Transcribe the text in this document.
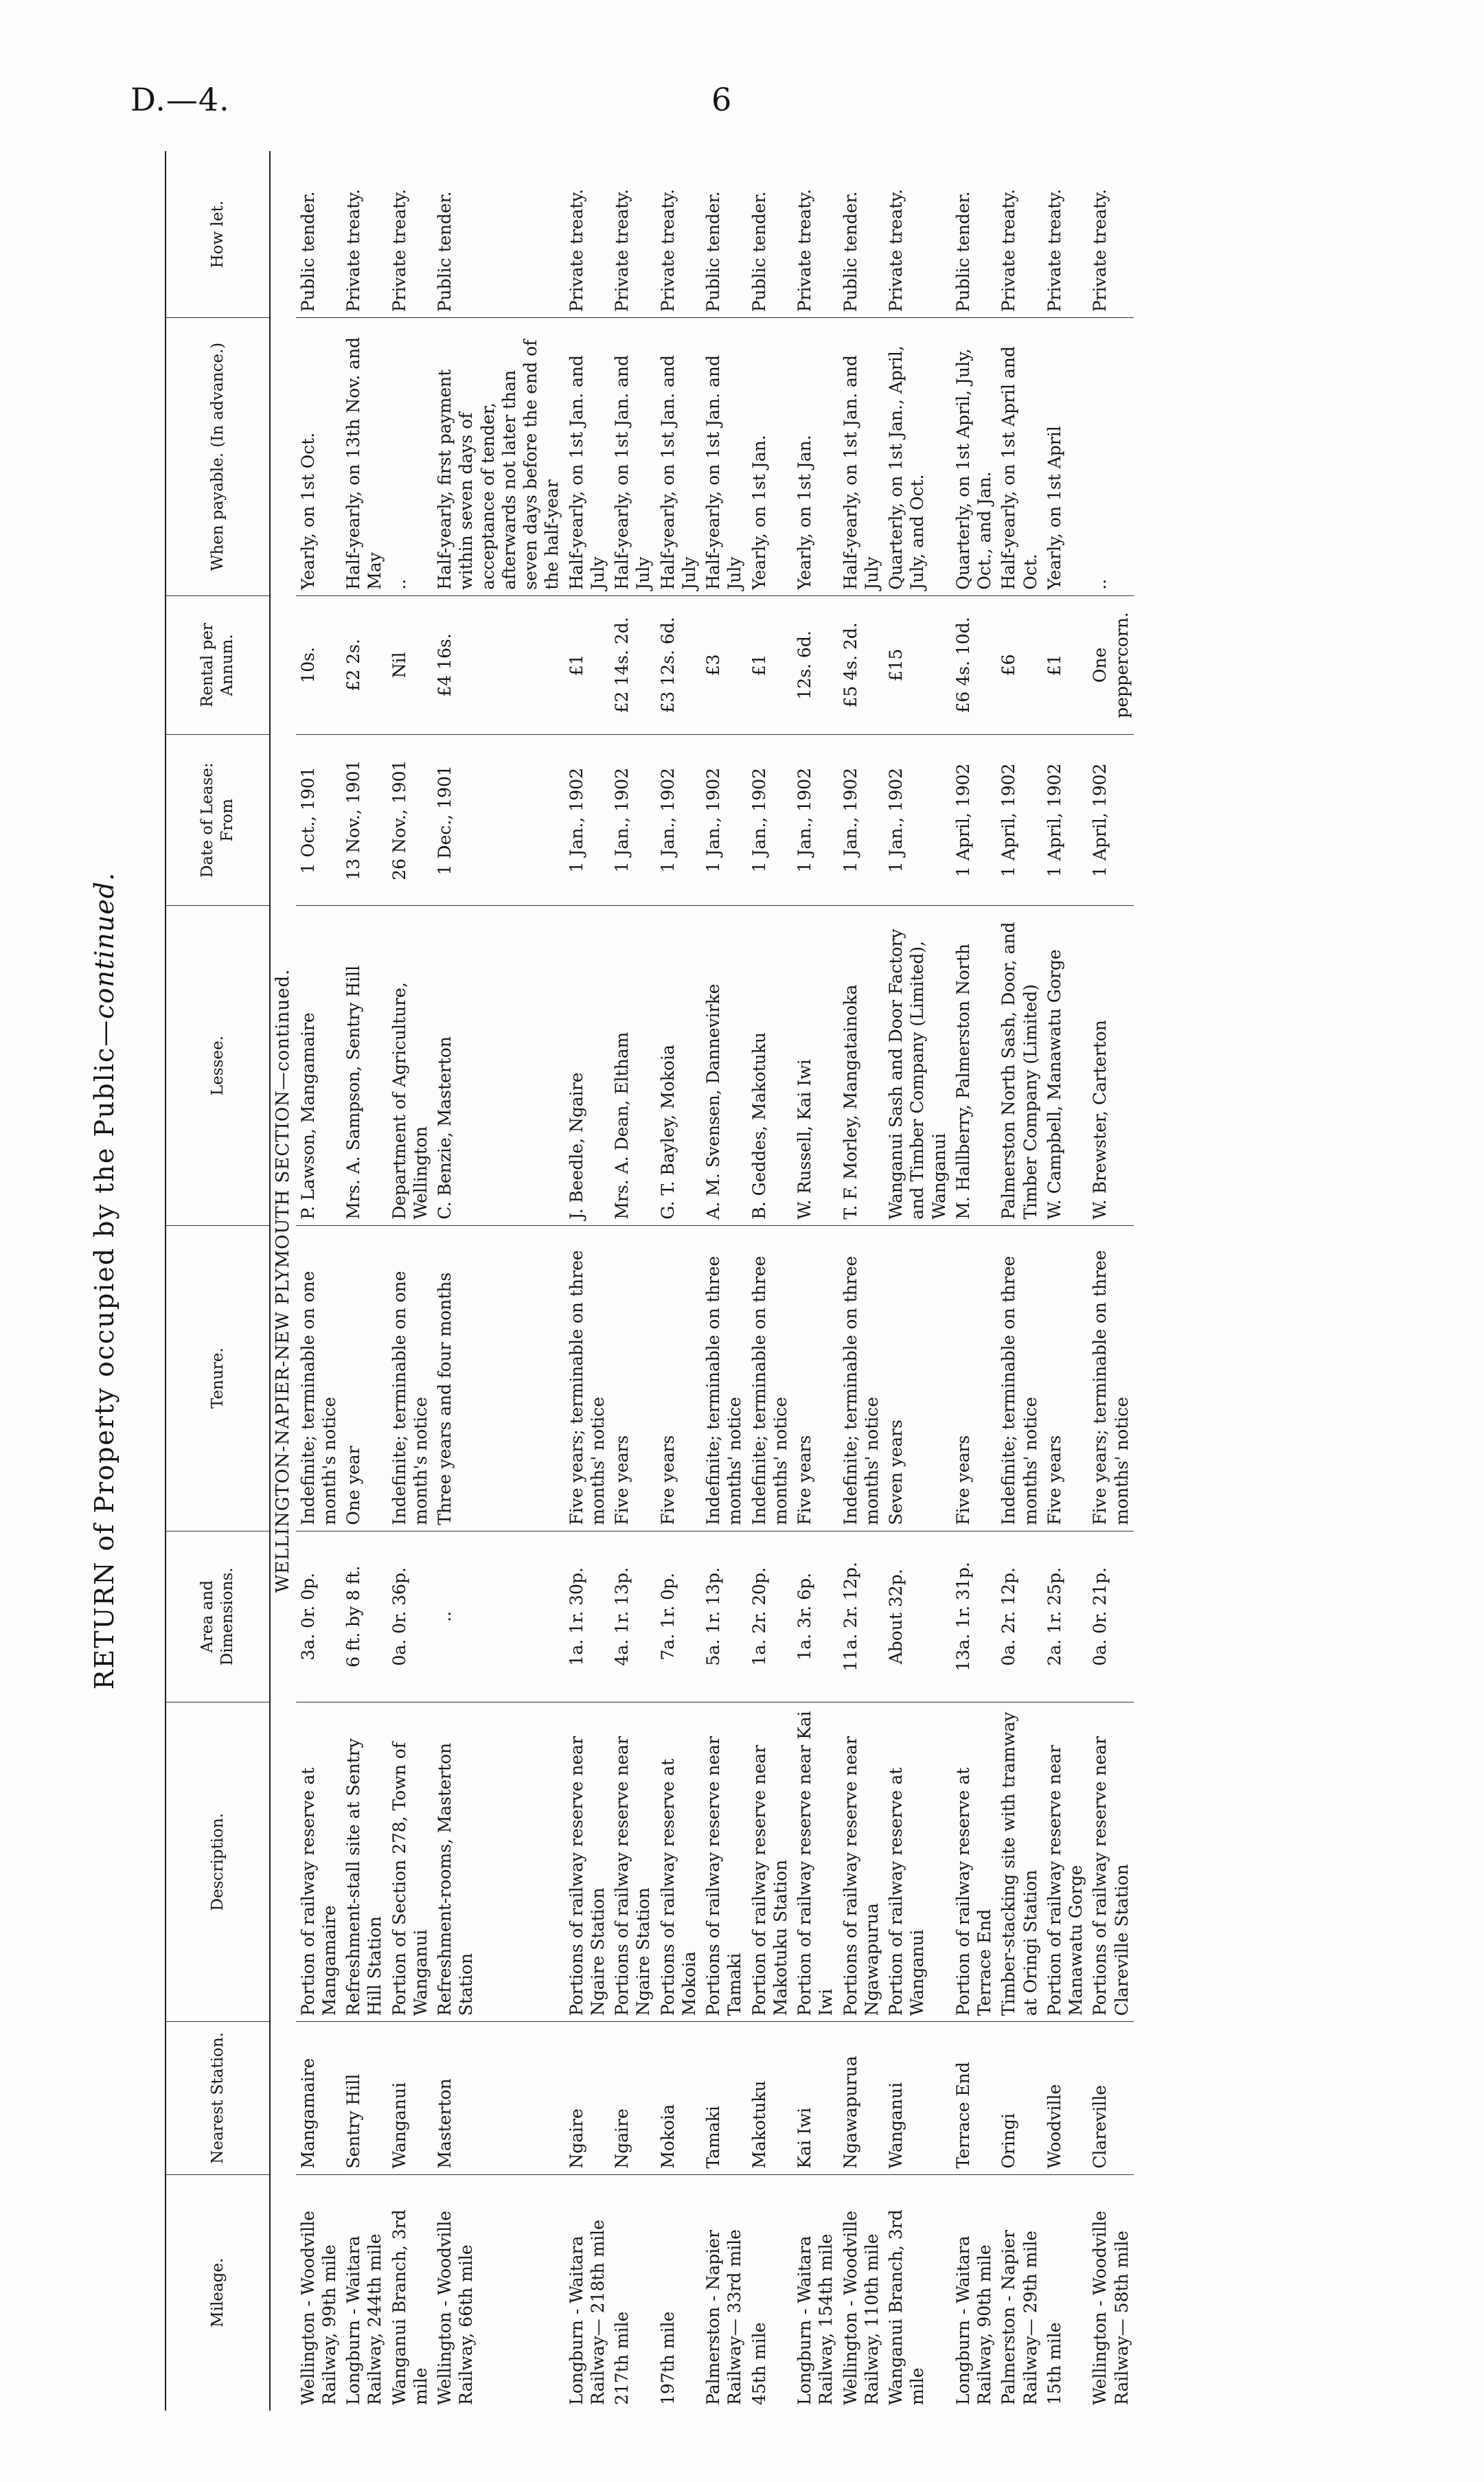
D.—4.	6
RETURN of Property occupied by the Public—continued.
Mileage.	Nearest Station.	Description.	Area and Dimensions.	Tenure.	Lessee.	Date of Lease: From	Rental per Annum.	When payable. (In advance.)	How let.
WELLINGTON-NAPIER-NEW PLYMOUTH SECTION—continued.									
Wellington - Woodville Railway, 99th mile	Mangamaire	Portion of railway reserve at Mangamaire	3a. 0r. 0p.	Indefinite; terminable on one month's notice	P. Lawson, Mangamaire	1 Oct., 1901	10s.	Yearly, on 1st Oct.	Public tender.
Longburn - Waitara Railway, 244th mile	Sentry Hill	Refreshment-stall site at Sentry Hill Station	6 ft. by 8 ft.	One year	Mrs. A. Sampson, Sentry Hill	13 Nov., 1901	£2 2s.	Half-yearly, on 13th Nov. and May	Private treaty.
Wanganui Branch, 3rd mile	Wanganui	Portion of Section 278, Town of Wanganui	0a. 0r. 36p.	Indefinite; terminable on one month's notice	Department of Agriculture, Wellington	26 Nov., 1901	Nil	..	Private treaty.
Wellington - Woodville Railway, 66th mile	Masterton	Refreshment-rooms, Masterton Station	..	Three years and four months	C. Benzie, Masterton	1 Dec., 1901	£4 16s.	Half-yearly, first payment within seven days of acceptance of tender, afterwards not later than seven days before the end of the half-year	Public tender.
Longburn - Waitara Railway— 218th mile	Ngaire	Portions of railway reserve near Ngaire Station	1a. 1r. 30p.	Five years; terminable on three months' notice	J. Beedle, Ngaire	1 Jan., 1902	£1	Half-yearly, on 1st Jan. and July	Private treaty.
217th mile	Ngaire	Portions of railway reserve near Ngaire Station	4a. 1r. 13p.	Five years	Mrs. A. Dean, Eltham	1 Jan., 1902	£2 14s. 2d.	Half-yearly, on 1st Jan. and July	Private treaty.
197th mile	Mokoia	Portions of railway reserve at Mokoia	7a. 1r. 0p.	Five years	G. T. Bayley, Mokoia	1 Jan., 1902	£3 12s. 6d.	Half-yearly, on 1st Jan. and July	Private treaty.
Palmerston - Napier Railway— 33rd mile	Tamaki	Portions of railway reserve near Tamaki	5a. 1r. 13p.	Indefinite; terminable on three months' notice	A. M. Svensen, Dannevirke	1 Jan., 1902	£3	Half-yearly, on 1st Jan. and July	Public tender.
45th mile	Makotuku	Portion of railway reserve near Makotuku Station	1a. 2r. 20p.	Indefinite; terminable on three months' notice	B. Geddes, Makotuku	1 Jan., 1902	£1	Yearly, on 1st Jan.	Public tender.
Longburn - Waitara Railway, 154th mile	Kai Iwi	Portion of railway reserve near Kai Iwi	1a. 3r. 6p.	Five years	W. Russell, Kai Iwi	1 Jan., 1902	12s. 6d.	Yearly, on 1st Jan.	Private treaty.
Wellington - Woodville Railway, 110th mile	Ngawapurua	Portions of railway reserve near Ngawapurua	11a. 2r. 12p.	Indefinite; terminable on three months' notice	T. F. Morley, Mangatainoka	1 Jan., 1902	£5 4s. 2d.	Half-yearly, on 1st Jan. and July	Public tender.
Wanganui Branch, 3rd mile	Wanganui	Portion of railway reserve at Wanganui	About 32p.	Seven years	Wanganui Sash and Door Factory and Timber Company (Limited), Wanganui	1 Jan., 1902	£15	Quarterly, on 1st Jan., April, July, and Oct.	Private treaty.
Longburn - Waitara Railway, 90th mile	Terrace End	Portion of railway reserve at Terrace End	13a. 1r. 31p.	Five years	M. Hallberry, Palmerston North	1 April, 1902	£6 4s. 10d.	Quarterly, on 1st April, July, Oct., and Jan.	Public tender.
Palmerston - Napier Railway— 29th mile	Oringi	Timber-stacking site with tramway at Oringi Station	0a. 2r. 12p.	Indefinite; terminable on three months' notice	Palmerston North Sash, Door, and Timber Company (Limited)	1 April, 1902	£6	Half-yearly, on 1st April and Oct.	Private treaty.
15th mile	Woodville	Portion of railway reserve near Manawatu Gorge	2a. 1r. 25p.	Five years	W. Campbell, Manawatu Gorge	1 April, 1902	£1	Yearly, on 1st April	Private treaty.
Wellington - Woodville Railway— 58th mile	Clareville	Portions of railway reserve near Clareville Station	0a. 0r. 21p.	Five years; terminable on three months' notice	W. Brewster, Carterton	1 April, 1902	One peppercorn.	..	Private treaty.
